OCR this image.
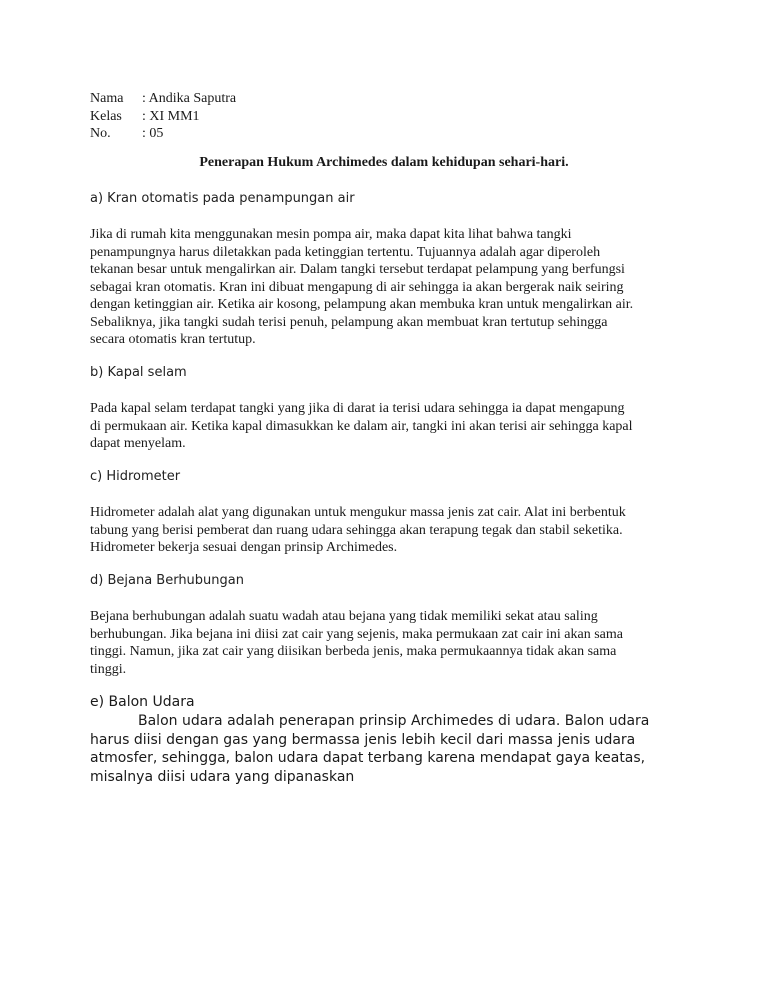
Nama	: Andika Saputra
Kelas	: XI MM1
No.	: 05
Penerapan Hukum Archimedes dalam kehidupan sehari-hari.
a) Kran otomatis pada penampungan air

Jika di rumah kita menggunakan mesin pompa air, maka dapat kita lihat bahwa tangki
penampungnya harus diletakkan pada ketinggian tertentu. Tujuannya adalah agar diperoleh
tekanan besar untuk mengalirkan air. Dalam tangki tersebut terdapat pelampung yang berfungsi
sebagai kran otomatis. Kran ini dibuat mengapung di air sehingga ia akan bergerak naik seiring
dengan ketinggian air. Ketika air kosong, pelampung akan membuka kran untuk mengalirkan air.
Sebaliknya, jika tangki sudah terisi penuh, pelampung akan membuat kran tertutup sehingga
secara otomatis kran tertutup.

b) Kapal selam

Pada kapal selam terdapat tangki yang jika di darat ia terisi udara sehingga ia dapat mengapung
di permukaan air. Ketika kapal dimasukkan ke dalam air, tangki ini akan terisi air sehingga kapal
dapat menyelam.

c) Hidrometer

Hidrometer adalah alat yang digunakan untuk mengukur massa jenis zat cair. Alat ini berbentuk
tabung yang berisi pemberat dan ruang udara sehingga akan terapung tegak dan stabil seketika.
Hidrometer bekerja sesuai dengan prinsip Archimedes.

d) Bejana Berhubungan

Bejana berhubungan adalah suatu wadah atau bejana yang tidak memiliki sekat atau saling
berhubungan. Jika bejana ini diisi zat cair yang sejenis, maka permukaan zat cair ini akan sama
tinggi. Namun, jika zat cair yang diisikan berbeda jenis, maka permukaannya tidak akan sama
tinggi.

e) Balon Udara

Balon udara adalah penerapan prinsip Archimedes di udara. Balon udara
harus diisi dengan gas yang bermassa jenis lebih kecil dari massa jenis udara
atmosfer, sehingga, balon udara dapat terbang karena mendapat gaya keatas,
misalnya diisi udara yang dipanaskan
